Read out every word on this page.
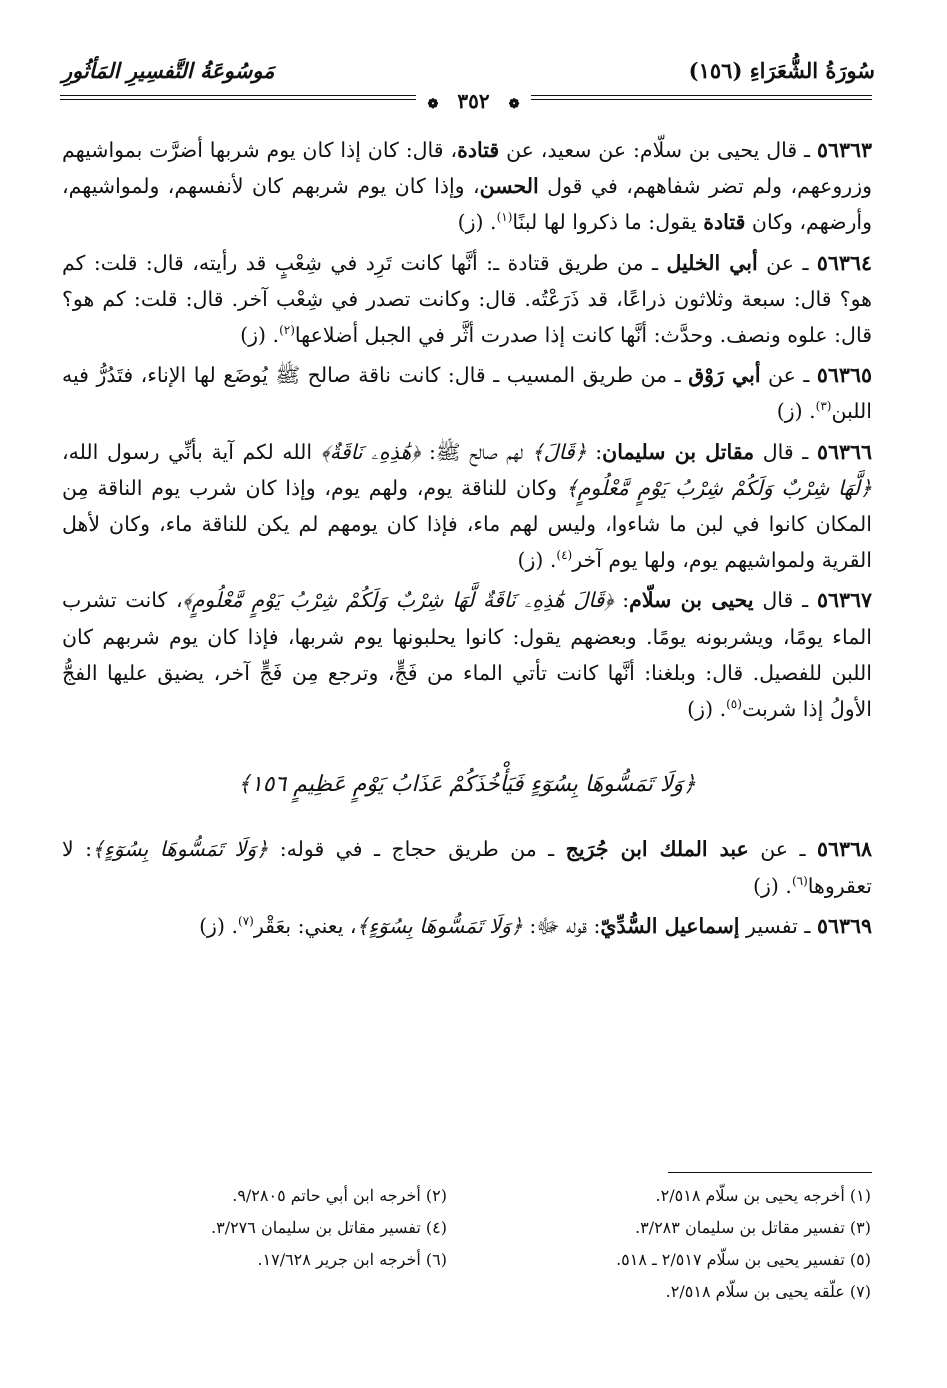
سُورَةُ الشُّعَرَاءِ (١٥٦)
مَوسُوعَةُ التَّفسِيرِ المَأثُورِ
❁ ٣٥٢ ❁

٥٦٣٦٣ ـ قال يحيى بن سلّام: عن سعيد، عن قتادة، قال: كان إذا كان يوم شربها أضرَّت بمواشيهم وزروعهم، ولم تضر شفاههم، في قول الحسن، وإذا كان يوم شربهم كان لأنفسهم، ولمواشيهم، وأرضهم، وكان قتادة يقول: ما ذكروا لها لبنًا$^{(١)}$. (ز)

٥٦٣٦٤ ـ عن أبي الخليل ـ من طريق قتادة ـ: أنَّها كانت تَرِد في شِعْبٍ قد رأيته، قال: قلت: كم هو؟ قال: سبعة وثلاثون ذراعًا، قد ذَرَعْتُه. قال: وكانت تصدر في شِعْب آخر. قال: قلت: كم هو؟ قال: علوه ونصف. وحدَّث: أنَّها كانت إذا صدرت أثَّر في الجبل أضلاعها$^{(٢)}$. (ز)

٥٦٣٦٥ ـ عن أبي رَوْق ـ من طريق المسيب ـ قال: كانت ناقة صالح ﷺ يُوضَع لها الإناء، فتَدُرُّ فيه اللبن$^{(٣)}$. (ز)

٥٦٣٦٦ ـ قال مقاتل بن سليمان: ﴿قَالَ﴾ لهم صالح ﷺ: ﴿هَٰذِهِۦ نَاقَةٌ﴾ الله لكم آية بأنِّي رسول الله، ﴿لَّهَا شِرْبٌ وَلَكُمْ شِرْبُ يَوْمٍ مَّعْلُومٍ﴾ وكان للناقة يوم، ولهم يوم، وإذا كان شرب يوم الناقة مِن المكان كانوا في لبن ما شاءوا، وليس لهم ماء، فإذا كان يومهم لم يكن للناقة ماء، وكان لأهل القرية ولمواشيهم يوم، ولها يوم آخر$^{(٤)}$. (ز)

٥٦٣٦٧ ـ قال يحيى بن سلّام: ﴿قَالَ هَٰذِهِۦ نَاقَةٌ لَّهَا شِرْبٌ وَلَكُمْ شِرْبُ يَوْمٍ مَّعْلُومٍ﴾، كانت تشرب الماء يومًا، ويشربونه يومًا. وبعضهم يقول: كانوا يحلبونها يوم شربها، فإذا كان يوم شربهم كان اللبن للفصيل. قال: وبلغنا: أنَّها كانت تأتي الماء من فَجٍّ، وترجع مِن فَجٍّ آخر، يضيق عليها الفجُّ الأولُ إذا شربت$^{(٥)}$. (ز)

﴿وَلَا تَمَسُّوهَا بِسُوٓءٍ فَيَأْخُذَكُمْ عَذَابُ يَوْمٍ عَظِيمٍ ١٥٦﴾

٥٦٣٦٨ ـ عن عبد الملك ابن جُرَيج ـ من طريق حجاج ـ في قوله: ﴿وَلَا تَمَسُّوهَا بِسُوٓءٍ﴾: لا تعقروها$^{(٦)}$. (ز)

٥٦٣٦٩ ـ تفسير إسماعيل السُّدِّيّ: قوله ﷻ: ﴿وَلَا تَمَسُّوهَا بِسُوٓءٍ﴾، يعني: بعَقْر$^{(٧)}$. (ز)

(١) أخرجه يحيى بن سلّام ٢/٥١٨.
(٢) أخرجه ابن أبي حاتم ٩/٢٨٠٥.
(٣) تفسير مقاتل بن سليمان ٣/٢٨٣.
(٤) تفسير مقاتل بن سليمان ٣/٢٧٦.
(٥) تفسير يحيى بن سلّام ٢/٥١٧ ـ ٥١٨.
(٦) أخرجه ابن جرير ١٧/٦٢٨.
(٧) علّقه يحيى بن سلّام ٢/٥١٨.
